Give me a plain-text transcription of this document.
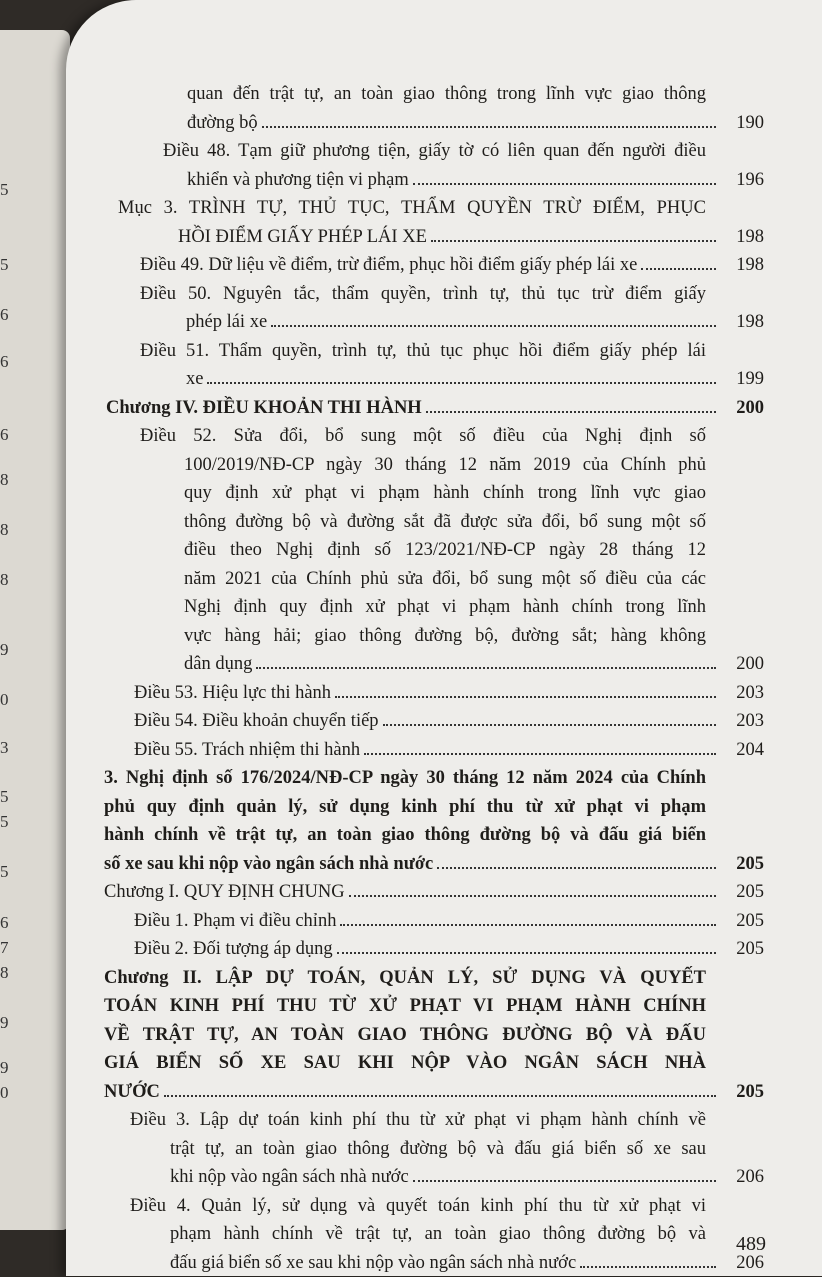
5
5
6
6
6
8
8
8
9
0
3
5
5
5
6
7
8
9
9
0
quan đến trật tự, an toàn giao thông trong lĩnh vực giao thông
đường bộ	190
Điều 48. Tạm giữ phương tiện, giấy tờ có liên quan đến người điều
khiển và phương tiện vi phạm	196
Mục 3. TRÌNH TỰ, THỦ TỤC, THẨM QUYỀN TRỪ ĐIỂM, PHỤC
HỒI ĐIỂM GIẤY PHÉP LÁI XE	198
Điều 49. Dữ liệu về điểm, trừ điểm, phục hồi điểm giấy phép lái xe	198
Điều 50. Nguyên tắc, thẩm quyền, trình tự, thủ tục trừ điểm giấy
phép lái xe	198
Điều 51. Thẩm quyền, trình tự, thủ tục phục hồi điểm giấy phép lái
xe	199
Chương IV. ĐIỀU KHOẢN THI HÀNH	200
Điều 52. Sửa đổi, bổ sung một số điều của Nghị định số
100/2019/NĐ-CP ngày 30 tháng 12 năm 2019 của Chính phủ
quy định xử phạt vi phạm hành chính trong lĩnh vực giao
thông đường bộ và đường sắt đã được sửa đổi, bổ sung một số
điều theo Nghị định số 123/2021/NĐ-CP ngày 28 tháng 12
năm 2021 của Chính phủ sửa đổi, bổ sung một số điều của các
Nghị định quy định xử phạt vi phạm hành chính trong lĩnh
vực hàng hải; giao thông đường bộ, đường sắt; hàng không
dân dụng	200
Điều 53. Hiệu lực thi hành	203
Điều 54. Điều khoản chuyển tiếp	203
Điều 55. Trách nhiệm thi hành	204
3. Nghị định số 176/2024/NĐ-CP ngày 30 tháng 12 năm 2024 của Chính
phủ quy định quản lý, sử dụng kinh phí thu từ xử phạt vi phạm
hành chính về trật tự, an toàn giao thông đường bộ và đấu giá biển
số xe sau khi nộp vào ngân sách nhà nước	205
Chương I. QUY ĐỊNH CHUNG	205
Điều 1. Phạm vi điều chỉnh	205
Điều 2. Đối tượng áp dụng	205
Chương II. LẬP DỰ TOÁN, QUẢN LÝ, SỬ DỤNG VÀ QUYẾT
TOÁN KINH PHÍ THU TỪ XỬ PHẠT VI PHẠM HÀNH CHÍNH
VỀ TRẬT TỰ, AN TOÀN GIAO THÔNG ĐƯỜNG BỘ VÀ ĐẤU
GIÁ BIỂN SỐ XE SAU KHI NỘP VÀO NGÂN SÁCH NHÀ
NƯỚC	205
Điều 3. Lập dự toán kinh phí thu từ xử phạt vi phạm hành chính về
trật tự, an toàn giao thông đường bộ và đấu giá biển số xe sau
khi nộp vào ngân sách nhà nước	206
Điều 4. Quản lý, sử dụng và quyết toán kinh phí thu từ xử phạt vi
phạm hành chính về trật tự, an toàn giao thông đường bộ và
đấu giá biển số xe sau khi nộp vào ngân sách nhà nước	206
489
